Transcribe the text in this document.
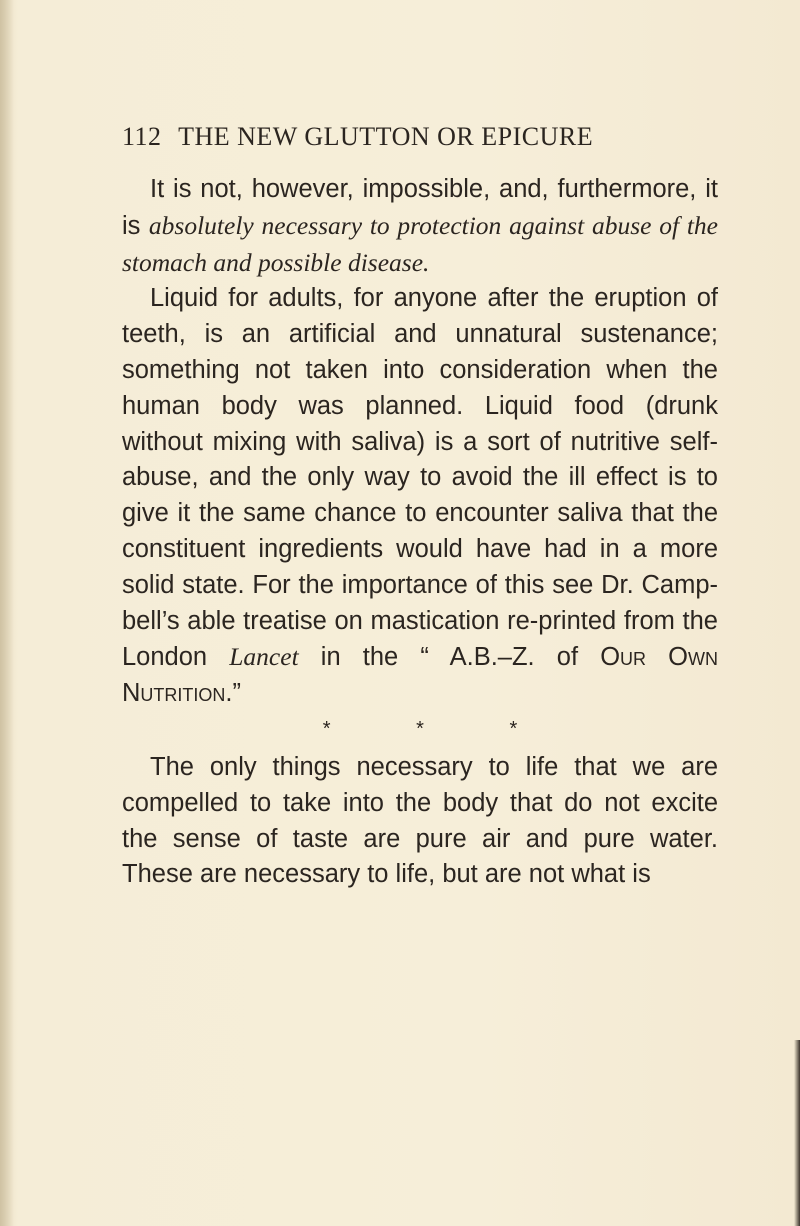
112 THE NEW GLUTTON OR EPICURE

It is not, however, impossible, and, furthermore, it is absolutely necessary to protection against abuse of the stomach and possible disease.

Liquid for adults, for anyone after the eruption of teeth, is an artificial and unnatural sustenance; something not taken into consideration when the human body was planned. Liquid food (drunk without mixing with saliva) is a sort of nutritive self-abuse, and the only way to avoid the ill effect is to give it the same chance to encounter saliva that the constituent ingredients would have had in a more solid state. For the importance of this see Dr. Camp-bell’s able treatise on mastication re-printed from the London Lancet in the “ A.B.–Z. of Our Own Nutrition.”

* * *

The only things necessary to life that we are compelled to take into the body that do not excite the sense of taste are pure air and pure water. These are necessary to life, but are not what is
